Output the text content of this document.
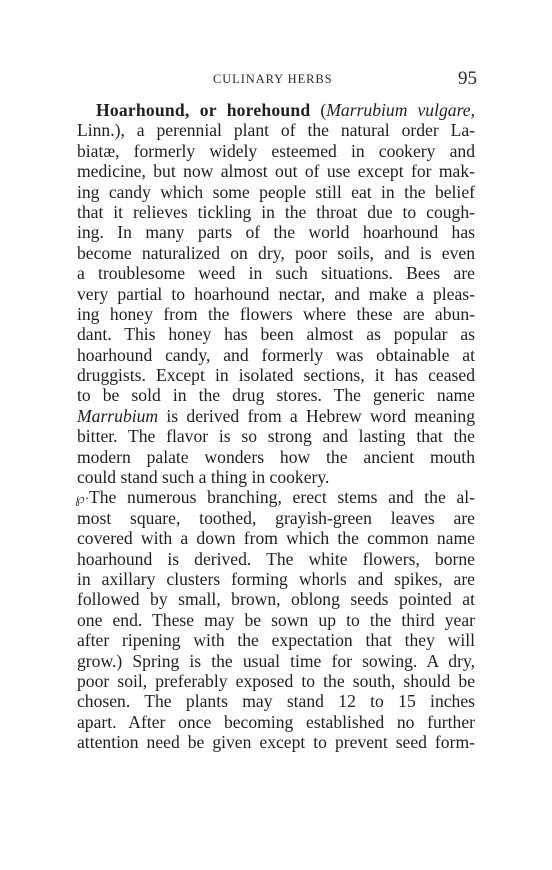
CULINARY HERBS	95
Hoarhound, or horehound (Marrubium vulgare,
Linn.), a perennial plant of the natural order La-
biatæ, formerly widely esteemed in cookery and
medicine, but now almost out of use except for mak-
ing candy which some people still eat in the belief
that it relieves tickling in the throat due to cough-
ing. In many parts of the world hoarhound has
become naturalized on dry, poor soils, and is even
a troublesome weed in such situations. Bees are
very partial to hoarhound nectar, and make a pleas-
ing honey from the flowers where these are abun-
dant. This honey has been almost as popular as
hoarhound candy, and formerly was obtainable at
druggists. Except in isolated sections, it has ceased
to be sold in the drug stores. The generic name
Marrubium is derived from a Hebrew word meaning
bitter. The flavor is so strong and lasting that the
modern palate wonders how the ancient mouth
could stand such a thing in cookery.
℘·The numerous branching, erect stems and the al-
most square, toothed, grayish-green leaves are
covered with a down from which the common name
hoarhound is derived. The white flowers, borne
in axillary clusters forming whorls and spikes, are
followed by small, brown, oblong seeds pointed at
one end. These may be sown up to the third year
after ripening with the expectation that they will
grow.) Spring is the usual time for sowing. A dry,
poor soil, preferably exposed to the south, should be
chosen. The plants may stand 12 to 15 inches
apart. After once becoming established no further
attention need be given except to prevent seed form-
